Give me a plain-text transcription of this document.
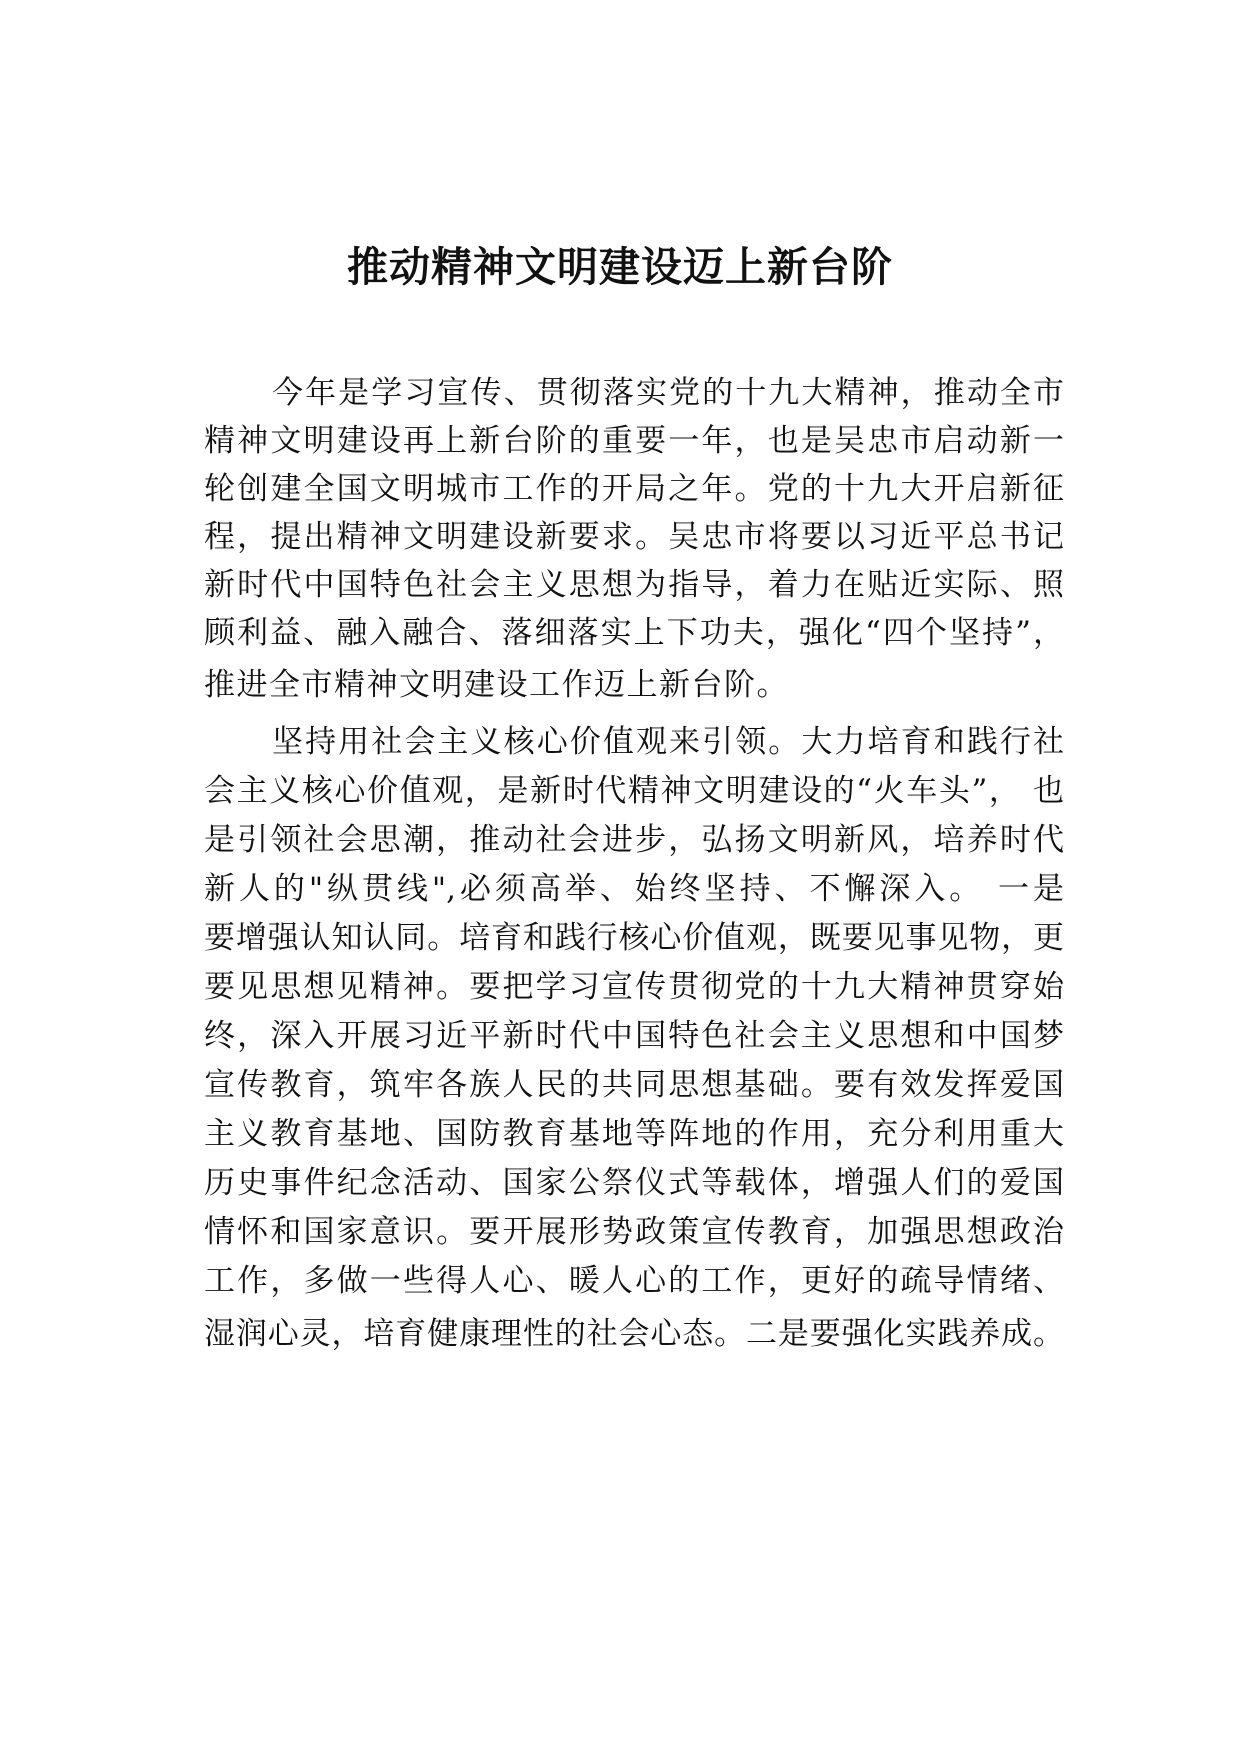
推动精神文明建设迈上新台阶
今年是学习宣传、贯彻落实党的十九大精神，推动全市
精神文明建设再上新台阶的重要一年，也是吴忠市启动新一
轮创建全国文明城市工作的开局之年。党的十九大开启新征
程，提出精神文明建设新要求。吴忠市将要以习近平总书记
新时代中国特色社会主义思想为指导，着力在贴近实际、照
顾利益、融入融合、落细落实上下功夫，强化“四个坚持”，
推进全市精神文明建设工作迈上新台阶。
坚持用社会主义核心价值观来引领。大力培育和践行社
会主义核心价值观，是新时代精神文明建设的“火车头”， 也
是引领社会思潮，推动社会进步，弘扬文明新风，培养时代
新人的"纵贯线",必须高举、始终坚持、不懈深入。 一是
要增强认知认同。培育和践行核心价值观，既要见事见物，更
要见思想见精神。要把学习宣传贯彻党的十九大精神贯穿始
终，深入开展习近平新时代中国特色社会主义思想和中国梦
宣传教育，筑牢各族人民的共同思想基础。要有效发挥爱国
主义教育基地、国防教育基地等阵地的作用，充分利用重大
历史事件纪念活动、国家公祭仪式等载体，增强人们的爱国
情怀和国家意识。要开展形势政策宣传教育，加强思想政治
工作，多做一些得人心、暖人心的工作，更好的疏导情绪、
湿润心灵，培育健康理性的社会心态。二是要强化实践养成。
